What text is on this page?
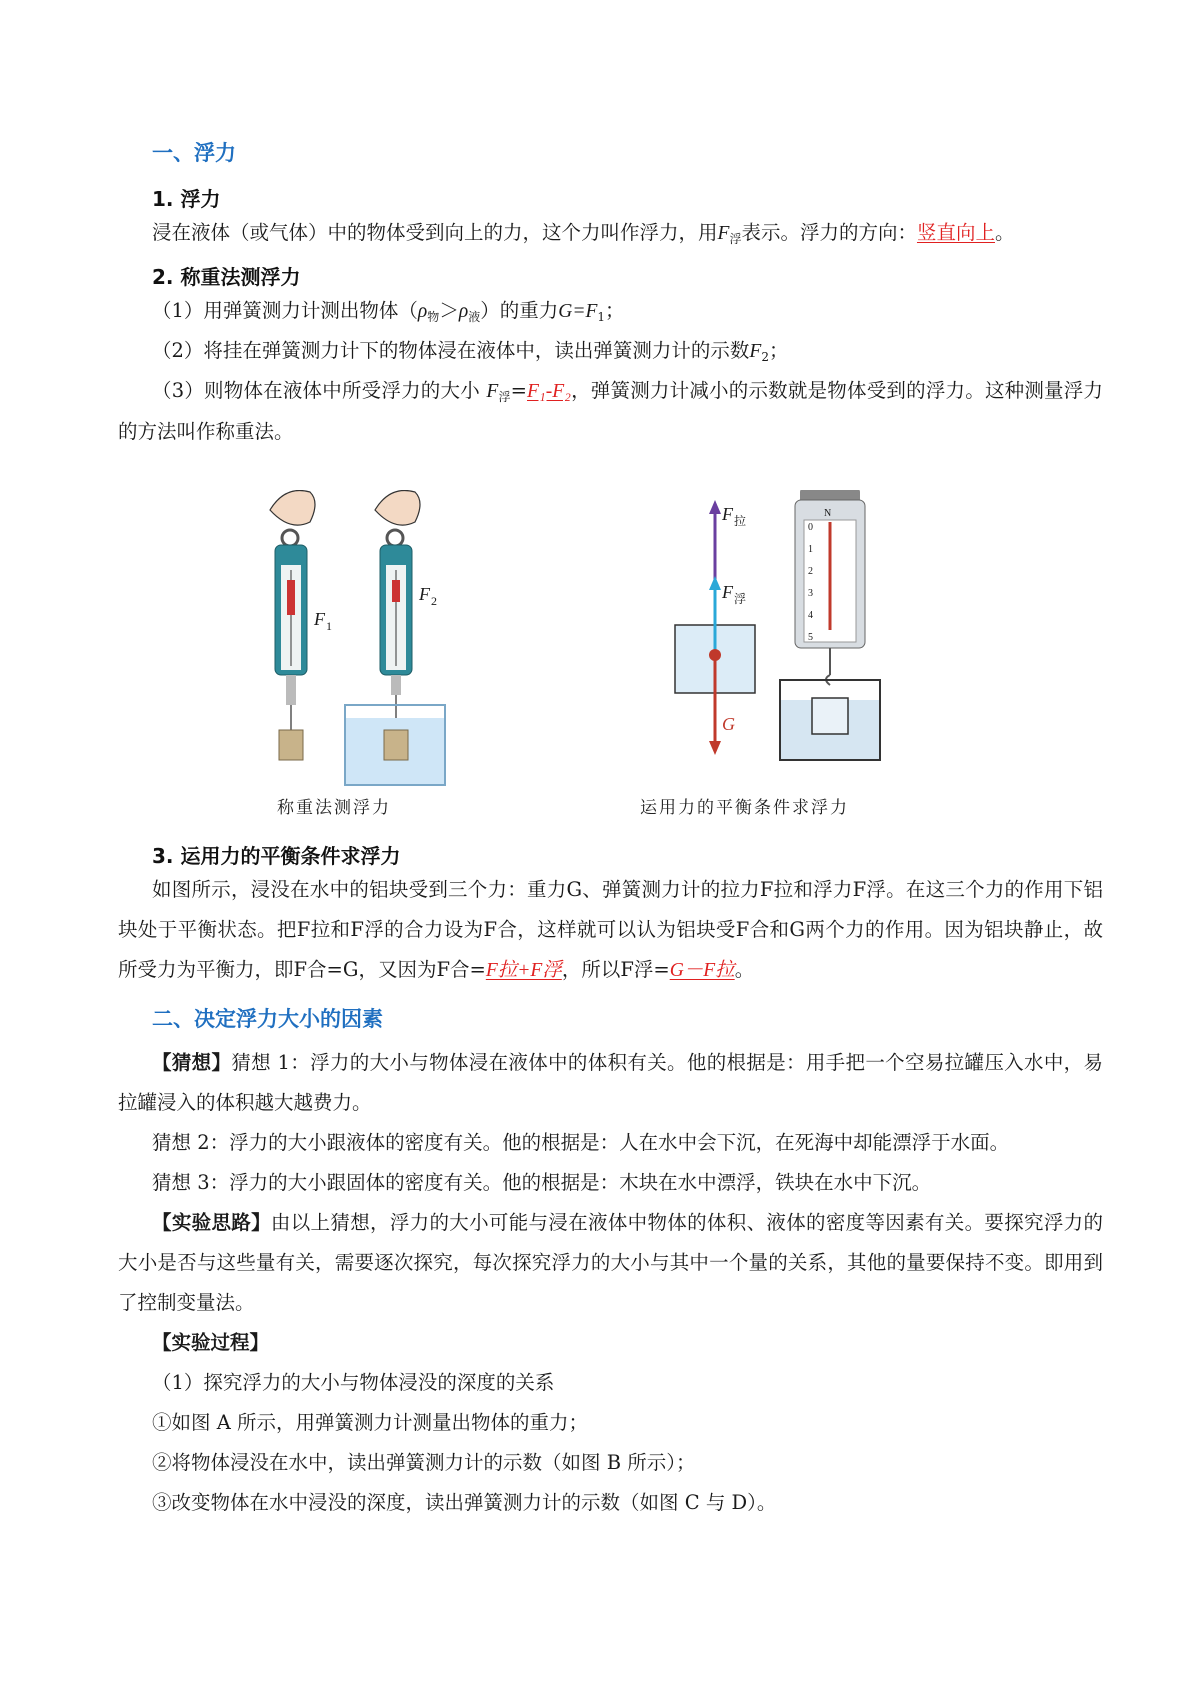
一、浮力
1. 浮力
浸在液体（或气体）中的物体受到向上的力，这个力叫作浮力，用$F_浮$表示。浮力的方向：竖直向上。
2. 称重法测浮力
（1）用弹簧测力计测出物体$(\rho_物>\rho_液)$的重力$G=F_1$；
（2）将挂在弹簧测力计下的物体浸在液体中，读出弹簧测力计的示数$F_2$；
（3）则物体在液体中所受浮力的大小 $F_浮=F_1-F_2$，弹簧测力计减小的示数就是物体受到的浮力。这种测量浮力的方法叫作称重法。
F 1
F 2
称重法测浮力
F 拉
F 浮
G
N
0
1
2
3
4
5
运用力的平衡条件求浮力
3. 运用力的平衡条件求浮力
如图所示，浸没在水中的铝块受到三个力：重力G、弹簧测力计的拉力F拉和浮力F浮。在这三个力的作用下铝块处于平衡状态。把F拉和F浮的合力设为F合，这样就可以认为铝块受F合和G两个力的作用。因为铝块静止，故所受力为平衡力，即F合=G，又因为F合=F拉+F浮，所以F浮=G－F拉。
二、决定浮力大小的因素
【猜想】猜想 1：浮力的大小与物体浸在液体中的体积有关。他的根据是：用手把一个空易拉罐压入水中，易拉罐浸入的体积越大越费力。
猜想 2：浮力的大小跟液体的密度有关。他的根据是：人在水中会下沉，在死海中却能漂浮于水面。
猜想 3：浮力的大小跟固体的密度有关。他的根据是：木块在水中漂浮，铁块在水中下沉。
【实验思路】由以上猜想，浮力的大小可能与浸在液体中物体的体积、液体的密度等因素有关。要探究浮力的大小是否与这些量有关，需要逐次探究，每次探究浮力的大小与其中一个量的关系，其他的量要保持不变。即用到了控制变量法。
【实验过程】
（1）探究浮力的大小与物体浸没的深度的关系
①如图 A 所示，用弹簧测力计测量出物体的重力；
②将物体浸没在水中，读出弹簧测力计的示数（如图 B 所示）；
③改变物体在水中浸没的深度，读出弹簧测力计的示数（如图 C 与 D）。
